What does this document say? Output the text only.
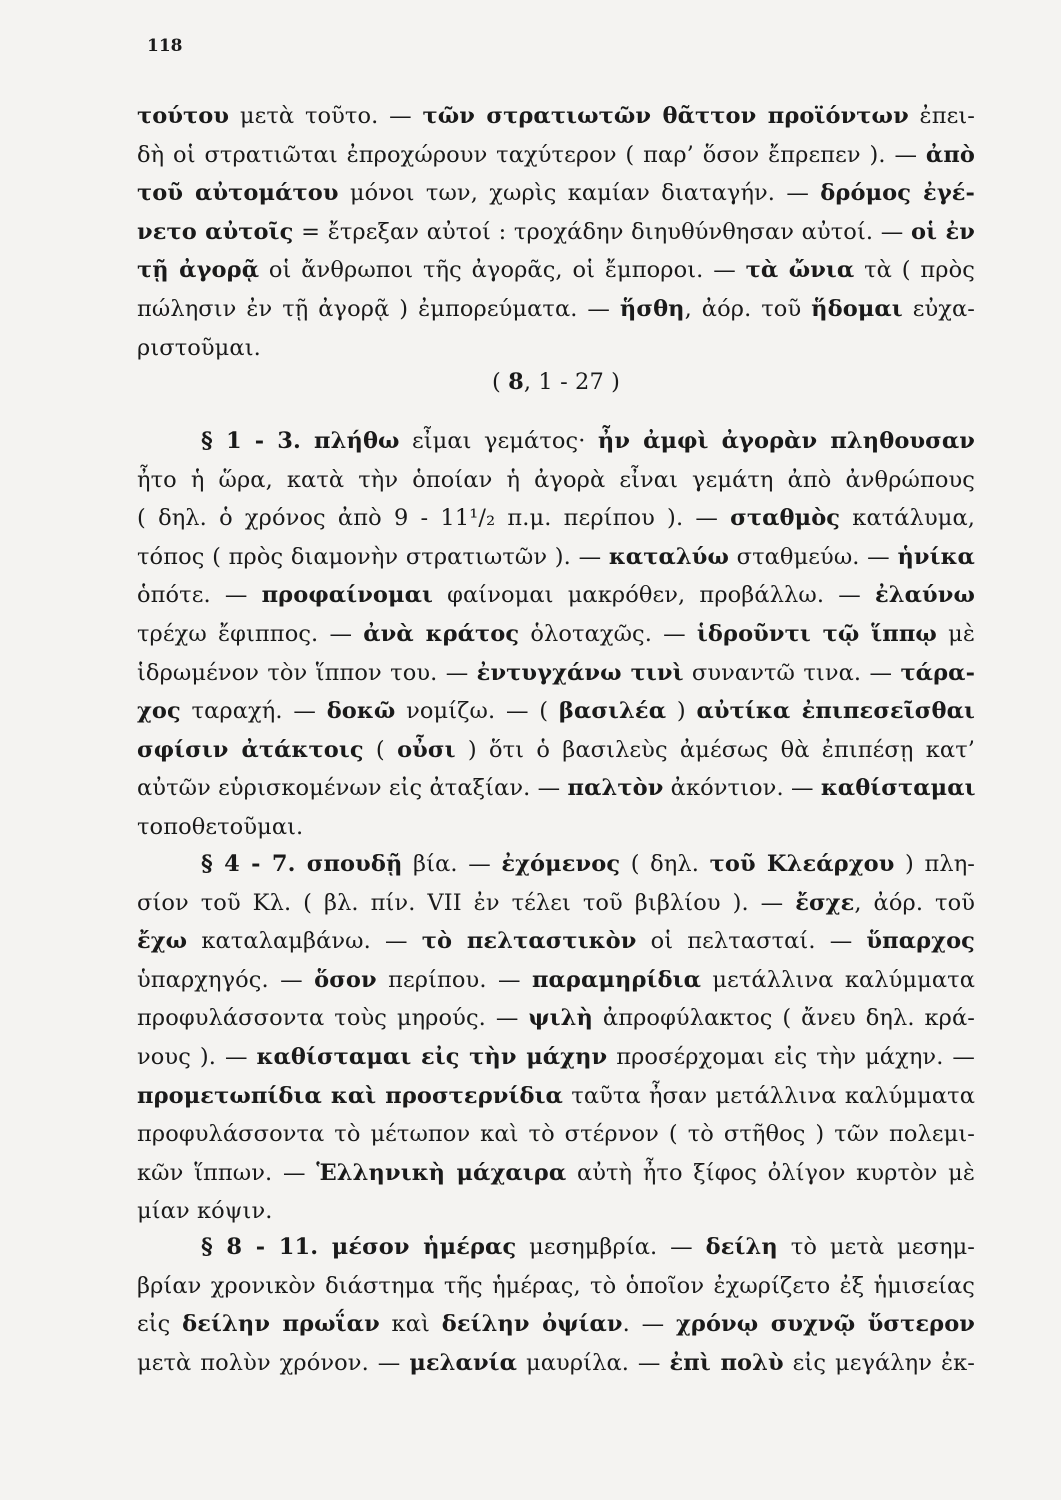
118
τούτου μετὰ τοῦτο. — τῶν στρατιωτῶν θᾶττον προϊόντων ἐπει-
δὴ οἱ στρατιῶται ἐπροχώρουν ταχύτερον ( παρ’ ὅσον ἔπρεπεν ). — ἀπὸ
τοῦ αὐτομάτου μόνοι των, χωρὶς καμίαν διαταγήν. — δρόμος ἐγέ-
νετο αὐτοῖς = ἔτρεξαν αὐτοί : τροχάδην διηυθύνθησαν αὐτοί. — οἱ ἐν
τῇ ἀγορᾷ οἱ ἄνθρωποι τῆς ἀγορᾶς, οἱ ἔμποροι. — τὰ ὤνια τὰ ( πρὸς
πώλησιν ἐν τῇ ἀγορᾷ ) ἐμπορεύματα. — ἥσθη, ἀόρ. τοῦ ἥδομαι εὐχα-
ριστοῦμαι.
( 8, 1 - 27 )
§ 1 - 3. πλήθω εἶμαι γεμάτος· ἦν ἀμφὶ ἀγορὰν πληθουσαν
ἦτο ἡ ὥρα, κατὰ τὴν ὁποίαν ἡ ἀγορὰ εἶναι γεμάτη ἀπὸ ἀνθρώπους
( δηλ. ὁ χρόνος ἀπὸ 9 - 11¹/₂ π.μ. περίπου ). — σταθμὸς κατάλυμα,
τόπος ( πρὸς διαμονὴν στρατιωτῶν ). — καταλύω σταθμεύω. — ἡνίκα
ὁπότε. — προφαίνομαι φαίνομαι μακρόθεν, προβάλλω. — ἐλαύνω
τρέχω ἔφιππος. — ἀνὰ κράτος ὁλοταχῶς. — ἱδροῦντι τῷ ἵππῳ μὲ
ἱδρωμένον τὸν ἵππον του. — ἐντυγχάνω τινὶ συναντῶ τινα. — τάρα-
χος ταραχή. — δοκῶ νομίζω. — ( βασιλέα ) αὐτίκα ἐπιπεσεῖσθαι
σφίσιν ἀτάκτοις ( οὖσι ) ὅτι ὁ βασιλεὺς ἀμέσως θὰ ἐπιπέσῃ κατ’
αὐτῶν εὑρισκομένων εἰς ἀταξίαν. — παλτὸν ἀκόντιον. — καθίσταμαι
τοποθετοῦμαι.
§ 4 - 7. σπουδῇ βία. — ἐχόμενος ( δηλ. τοῦ Κλεάρχου ) πλη-
σίον τοῦ Κλ. ( βλ. πίν. VII ἐν τέλει τοῦ βιβλίου ). — ἔσχε, ἀόρ. τοῦ
ἔχω καταλαμβάνω. — τὸ πελταστικὸν οἱ πελτασταί. — ὕπαρχος
ὑπαρχηγός. — ὅσον περίπου. — παραμηρίδια μετάλλινα καλύμματα
προφυλάσσοντα τοὺς μηρούς. — ψιλὴ ἀπροφύλακτος ( ἄνευ δηλ. κρά-
νους ). — καθίσταμαι εἰς τὴν μάχην προσέρχομαι εἰς τὴν μάχην. —
προμετωπίδια καὶ προστερνίδια ταῦτα ἦσαν μετάλλινα καλύμματα
προφυλάσσοντα τὸ μέτωπον καὶ τὸ στέρνον ( τὸ στῆθος ) τῶν πολεμι-
κῶν ἵππων. — Ἑλληνικὴ μάχαιρα αὐτὴ ἦτο ξίφος ὀλίγον κυρτὸν μὲ
μίαν κόψιν.
§ 8 - 11. μέσον ἡμέρας μεσημβρία. — δείλη τὸ μετὰ μεσημ-
βρίαν χρονικὸν διάστημα τῆς ἡμέρας, τὸ ὁποῖον ἐχωρίζετο ἐξ ἡμισείας
εἰς δείλην πρωΐαν καὶ δείλην ὀψίαν. — χρόνῳ συχνῷ ὕστερον
μετὰ πολὺν χρόνον. — μελανία μαυρίλα. — ἐπὶ πολὺ εἰς μεγάλην ἐκ-
